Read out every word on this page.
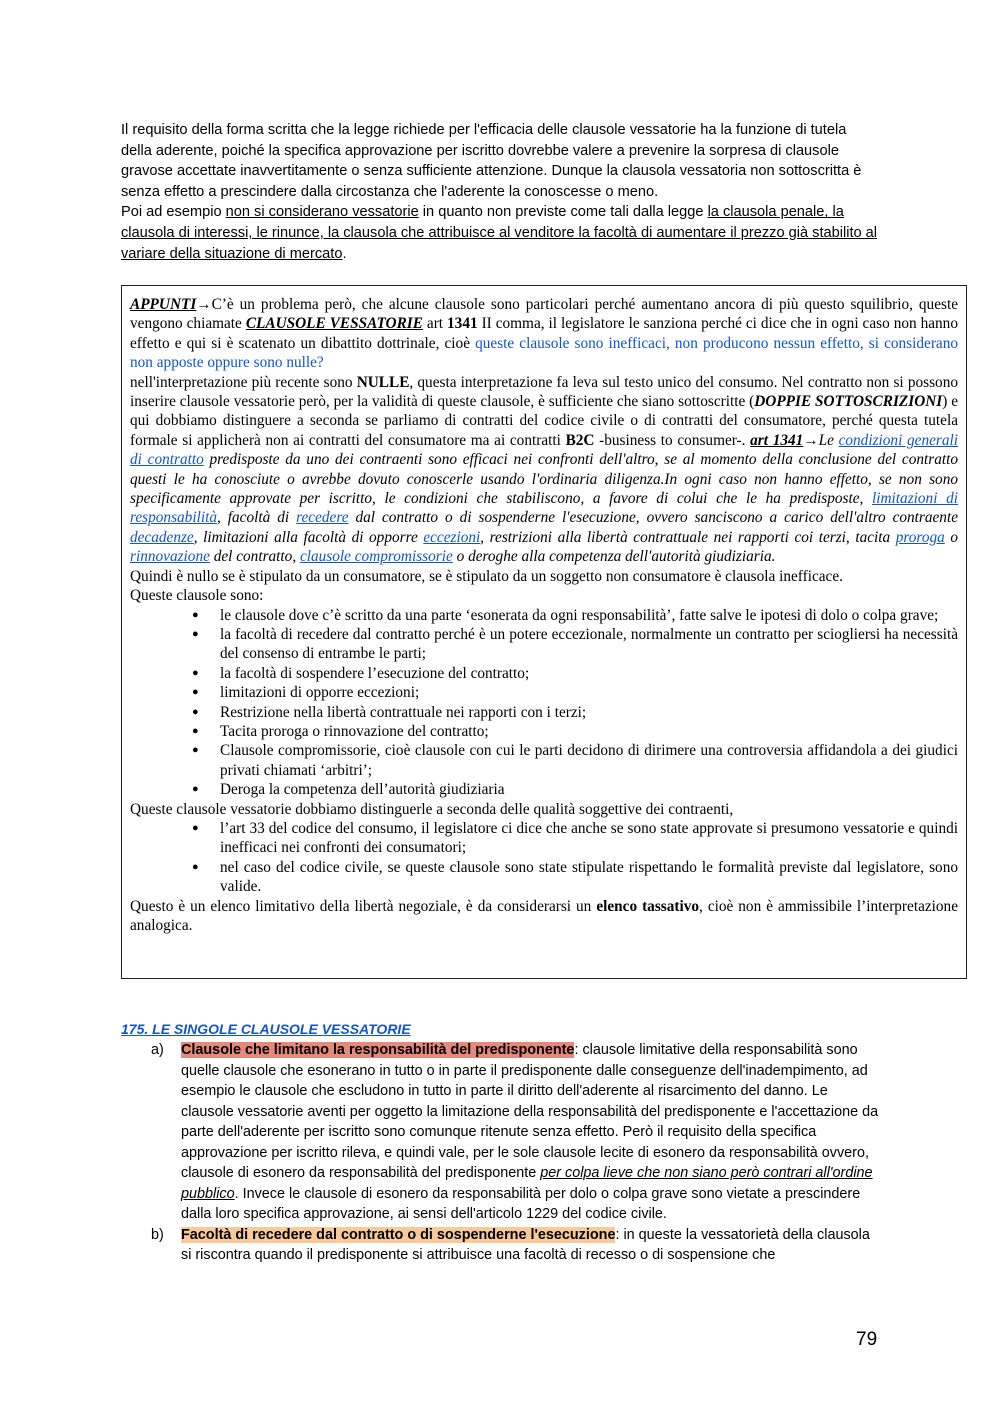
Il requisito della forma scritta che la legge richiede per l'efficacia delle clausole vessatorie ha la funzione di tutela della aderente, poiché la specifica approvazione per iscritto dovrebbe valere a prevenire la sorpresa di clausole gravose accettate inavvertitamente o senza sufficiente attenzione. Dunque la clausola vessatoria non sottoscritta è senza effetto a prescindere dalla circostanza che l'aderente la conoscesse o meno.

Poi ad esempio non si considerano vessatorie in quanto non previste come tali dalla legge la clausola penale, la clausola di interessi, le rinunce, la clausola che attribuisce al venditore la facoltà di aumentare il prezzo già stabilito al variare della situazione di mercato.

APPUNTI→C’è un problema però, che alcune clausole sono particolari perché aumentano ancora di più questo squilibrio, queste vengono chiamate CLAUSOLE VESSATORIE art 1341 II comma, il legislatore le sanziona perché ci dice che in ogni caso non hanno effetto e qui si è scatenato un dibattito dottrinale, cioè queste clausole sono inefficaci, non producono nessun effetto, si considerano non apposte oppure sono nulle?

nell'interpretazione più recente sono NULLE, questa interpretazione fa leva sul testo unico del consumo. Nel contratto non si possono inserire clausole vessatorie però, per la validità di queste clausole, è sufficiente che siano sottoscritte (DOPPIE SOTTOSCRIZIONI) e qui dobbiamo distinguere a seconda se parliamo di contratti del codice civile o di contratti del consumatore, perché questa tutela formale si applicherà non ai contratti del consumatore ma ai contratti B2C -business to consumer-. art 1341→Le condizioni generali di contratto predisposte da uno dei contraenti sono efficaci nei confronti dell'altro, se al momento della conclusione del contratto questi le ha conosciute o avrebbe dovuto conoscerle usando l'ordinaria diligenza.In ogni caso non hanno effetto, se non sono specificamente approvate per iscritto, le condizioni che stabiliscono, a favore di colui che le ha predisposte, limitazioni di responsabilità, facoltà di recedere dal contratto o di sospenderne l'esecuzione, ovvero sanciscono a carico dell'altro contraente decadenze, limitazioni alla facoltà di opporre eccezioni, restrizioni alla libertà contrattuale nei rapporti coi terzi, tacita proroga o rinnovazione del contratto, clausole compromissorie o deroghe alla competenza dell'autorità giudiziaria.

Quindi è nullo se è stipulato da un consumatore, se è stipulato da un soggetto non consumatore è clausola inefficace.

Queste clausole sono:

● le clausole dove c’è scritto da una parte ‘esonerata da ogni responsabilità’, fatte salve le ipotesi di dolo o colpa grave;
● la facoltà di recedere dal contratto perché è un potere eccezionale, normalmente un contratto per sciogliersi ha necessità del consenso di entrambe le parti;
● la facoltà di sospendere l’esecuzione del contratto;
● limitazioni di opporre eccezioni;
● Restrizione nella libertà contrattuale nei rapporti con i terzi;
● Tacita proroga o rinnovazione del contratto;
● Clausole compromissorie, cioè clausole con cui le parti decidono di dirimere una controversia affidandola a dei giudici privati chiamati ‘arbitri’;
● Deroga la competenza dell’autorità giudiziaria

Queste clausole vessatorie dobbiamo distinguerle a seconda delle qualità soggettive dei contraenti,

● l’art 33 del codice del consumo, il legislatore ci dice che anche se sono state approvate si presumono vessatorie e quindi inefficaci nei confronti dei consumatori;
● nel caso del codice civile, se queste clausole sono state stipulate rispettando le formalità previste dal legislatore, sono valide.

Questo è un elenco limitativo della libertà negoziale, è da considerarsi un elenco tassativo, cioè non è ammissibile l’interpretazione analogica.

175. LE SINGOLE CLAUSOLE VESSATORIE
a) Clausole che limitano la responsabilità del predisponente: clausole limitative della responsabilità sono quelle clausole che esonerano in tutto o in parte il predisponente dalle conseguenze dell'inadempimento, ad esempio le clausole che escludono in tutto in parte il diritto dell'aderente al risarcimento del danno. Le clausole vessatorie aventi per oggetto la limitazione della responsabilità del predisponente e l'accettazione da parte dell'aderente per iscritto sono comunque ritenute senza effetto. Però il requisito della specifica approvazione per iscritto rileva, e quindi vale, per le sole clausole lecite di esonero da responsabilità ovvero, clausole di esonero da responsabilità del predisponente per colpa lieve che non siano però contrari all'ordine pubblico. Invece le clausole di esonero da responsabilità per dolo o colpa grave sono vietate a prescindere dalla loro specifica approvazione, ai sensi dell'articolo 1229 del codice civile.
b) Facoltà di recedere dal contratto o di sospenderne l'esecuzione: in queste la vessatorietà della clausola si riscontra quando il predisponente si attribuisce una facoltà di recesso o di sospensione che
79
